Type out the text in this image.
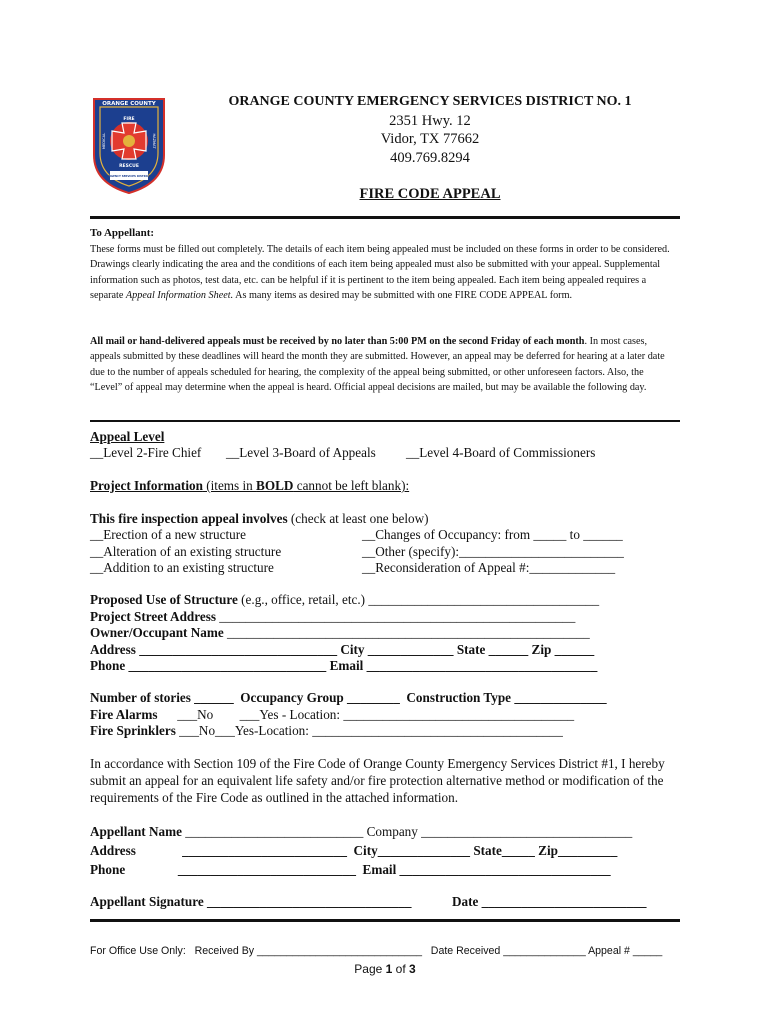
ORANGE COUNTY
FIRE
RESCUE
MEDICAL	HAZMAT
EMERGENCY SERVICES DISTRICT #1
ORANGE COUNTY EMERGENCY SERVICES DISTRICT NO. 1
2351 Hwy. 12
Vidor, TX 77662
409.769.8294
FIRE CODE APPEAL
To Appellant:
These forms must be filled out completely. The details of each item being appealed must be included on these forms in order to be considered. Drawings clearly indicating the area and the conditions of each item being appealed must also be submitted with your appeal. Supplemental information such as photos, test data, etc. can be helpful if it is pertinent to the item being appealed. Each item being appealed requires a separate Appeal Information Sheet. As many items as desired may be submitted with one FIRE CODE APPEAL form.
All mail or hand-delivered appeals must be received by no later than 5:00 PM on the second Friday of each month. In most cases, appeals submitted by these deadlines will heard the month they are submitted. However, an appeal may be deferred for hearing at a later date due to the number of appeals scheduled for hearing, the complexity of the appeal being submitted, or other unforeseen factors. Also, the “Level” of appeal may determine when the appeal is heard. Official appeal decisions are mailed, but may be available the following day.
Appeal Level
__Level 2-Fire Chief __Level 3-Board of Appeals __Level 4-Board of Commissioners
Project Information (items in BOLD cannot be left blank):
This fire inspection appeal involves (check at least one below)
__Erection of a new structure
__Alteration of an existing structure
__Addition to an existing structure
__Changes of Occupancy: from _____ to ______
__Other (specify):_________________________
__Reconsideration of Appeal #:_____________
Proposed Use of Structure (e.g., office, retail, etc.) ___________________________________
Project Street Address ______________________________________________________
Owner/Occupant Name _______________________________________________________
Address ______________________________ City _____________ State ______ Zip ______
Phone ______________________________ Email ___________________________________
Number of stories ______  Occupancy Group ________  Construction Type ______________
Fire Alarms      ___No        ___Yes - Location: ___________________________________
Fire Sprinklers ___No___Yes-Location: ______________________________________
In accordance with Section 109 of the Fire Code of Orange County Emergency Services District #1, I hereby submit an appeal for an equivalent life safety and/or fire protection alternative method or modification of the requirements of the Fire Code as outlined in the attached information.
Appellant Name ___________________________ Company ________________________________
Address              _________________________  City______________ State_____ Zip_________
Phone                ___________________________  Email ________________________________
Appellant Signature _______________________________	Date _________________________
For Office Use Only:   Received By ____________________________   Date Received ______________ Appeal # _____
Page 1 of 3
